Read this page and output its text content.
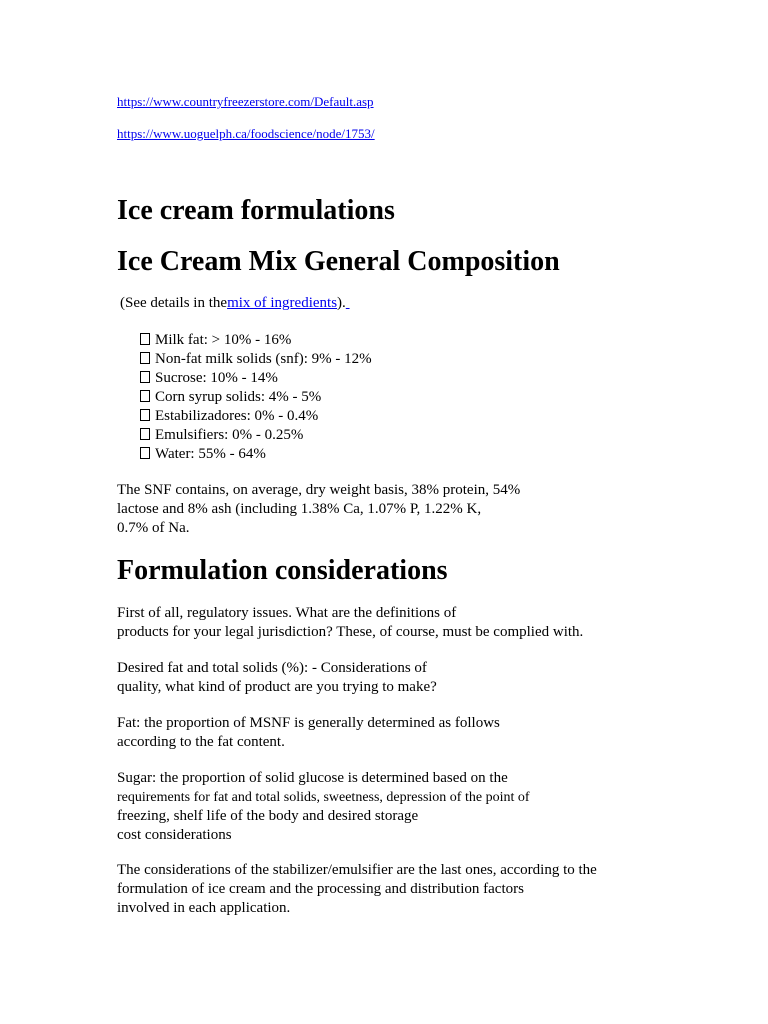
https://www.countryfreezerstore.com/Default.asp
https://www.uoguelph.ca/foodscience/node/1753/
Ice cream formulations
Ice Cream Mix General Composition
(See details in themix of ingredients).
Milk fat: > 10% - 16%
Non-fat milk solids (snf): 9% - 12%
Sucrose: 10% - 14%
Corn syrup solids: 4% - 5%
Estabilizadores: 0% - 0.4%
Emulsifiers: 0% - 0.25%
Water: 55% - 64%

The SNF contains, on average, dry weight basis, 38% protein, 54%
lactose and 8% ash (including 1.38% Ca, 1.07% P, 1.22% K,
0.7% of Na.

Formulation considerations

First of all, regulatory issues. What are the definitions of
products for your legal jurisdiction? These, of course, must be complied with.

Desired fat and total solids (%): - Considerations of
quality, what kind of product are you trying to make?

Fat: the proportion of MSNF is generally determined as follows
according to the fat content.

Sugar: the proportion of solid glucose is determined based on the
requirements for fat and total solids, sweetness, depression of the point of
freezing, shelf life of the body and desired storage
cost considerations

The considerations of the stabilizer/emulsifier are the last ones, according to the
formulation of ice cream and the processing and distribution factors
involved in each application.
